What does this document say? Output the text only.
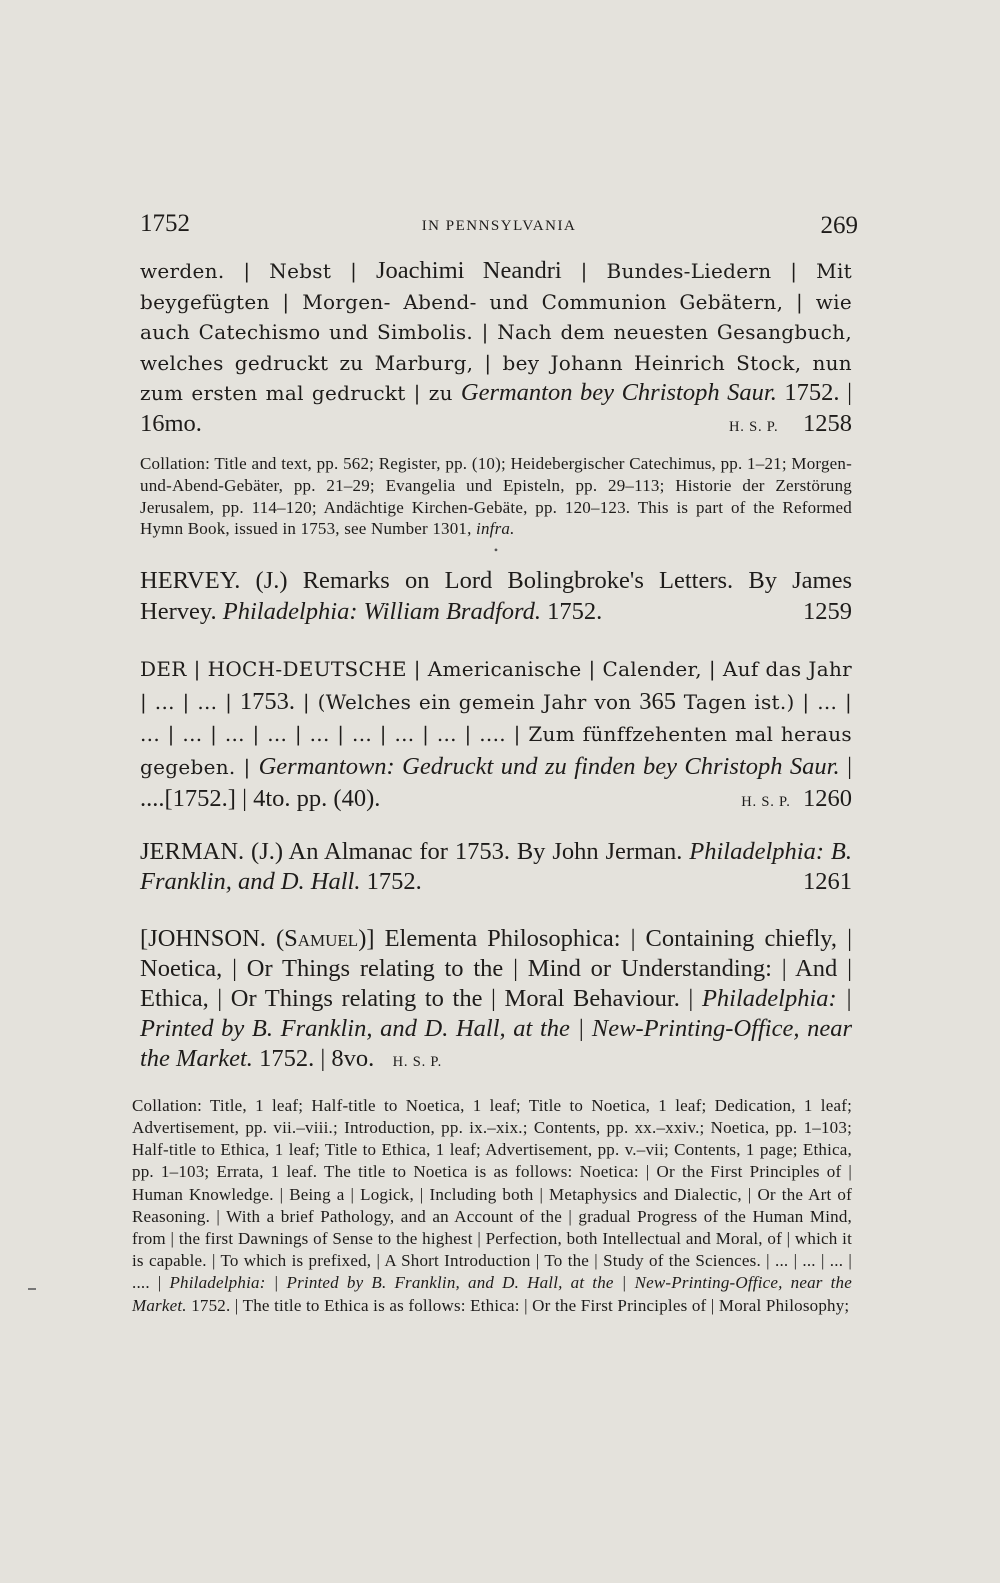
1752	IN PENNSYLVANIA	269
werden. | Nebst | Joachimi Neandri | Bundes-Liedern | Mit beygefügten | Morgen- Abend- und Communion Gebätern, | wie auch Catechismo und Simbolis. | Nach dem neuesten Gesangbuch, welches gedruckt zu Marburg, | bey Johann Heinrich Stock, nun zum ersten mal gedruckt | zu Germanton bey Christoph Saur. 1752. | 16mo.	H. S. P. 1258

Collation: Title and text, pp. 562; Register, pp. (10); Heidebergischer Catechimus, pp. 1–21; Morgen-und-Abend-Gebäter, pp. 21–29; Evangelia und Episteln, pp. 29–113; Historie der Zerstörung Jerusalem, pp. 114–120; Andächtige Kirchen-Gebäte, pp. 120–123. This is part of the Reformed Hymn Book, issued in 1753, see Number 1301, infra.

•
HERVEY. (J.) Remarks on Lord Bolingbroke's Letters. By James Hervey. Philadelphia: William Bradford. 1752.	1259
DER | HOCH-DEUTSCHE | Americanische | Calender, | Auf das Jahr | ... | ... | 1753. | (Welches ein gemein Jahr von 365 Tagen ist.) | ... | ... | ... | ... | ... | ... | ... | ... | ... | .... | Zum fünffzehenten mal heraus gegeben. | Germantown: Gedruckt und zu finden bey Christoph Saur. | ....[1752.] | 4to. pp. (40).	H. S. P. 1260
JERMAN. (J.) An Almanac for 1753. By John Jerman. Philadelphia: B. Franklin, and D. Hall. 1752.	1261
[JOHNSON. (Samuel)] Elementa Philosophica: | Containing chiefly, | Noetica, | Or Things relating to the | Mind or Understanding: | And | Ethica, | Or Things relating to the | Moral Behaviour. | Philadelphia: | Printed by B. Franklin, and D. Hall, at the | New-Printing-Office, near the Market. 1752. | 8vo. H. S. P.

Collation: Title, 1 leaf; Half-title to Noetica, 1 leaf; Title to Noetica, 1 leaf; Dedication, 1 leaf; Advertisement, pp. vii.–viii.; Introduction, pp. ix.–xix.; Contents, pp. xx.–xxiv.; Noetica, pp. 1–103; Half-title to Ethica, 1 leaf; Title to Ethica, 1 leaf; Advertisement, pp. v.–vii; Contents, 1 page; Ethica, pp. 1–103; Errata, 1 leaf. The title to Noetica is as follows: Noetica: | Or the First Principles of | Human Knowledge. | Being a | Logick, | Including both | Metaphysics and Dialectic, | Or the Art of Reasoning. | With a brief Pathology, and an Account of the | gradual Progress of the Human Mind, from | the first Dawnings of Sense to the highest | Perfection, both Intellectual and Moral, of | which it is capable. | To which is prefixed, | A Short Introduction | To the | Study of the Sciences. | ... | ... | ... | .... | Philadelphia: | Printed by B. Franklin, and D. Hall, at the | New-Printing-Office, near the Market. 1752. | The title to Ethica is as follows: Ethica: | Or the First Principles of | Moral Philosophy;
